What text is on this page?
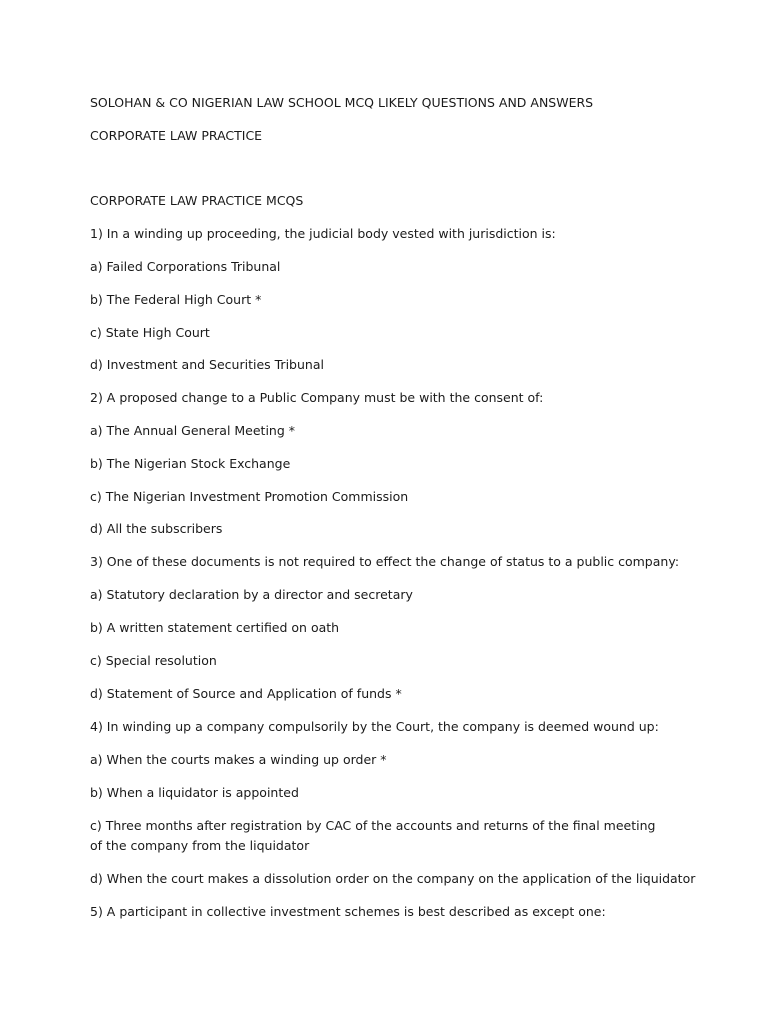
SOLOHAN & CO NIGERIAN LAW SCHOOL MCQ LIKELY QUESTIONS AND ANSWERS
CORPORATE LAW PRACTICE
CORPORATE LAW PRACTICE MCQS
1) In a winding up proceeding, the judicial body vested with jurisdiction is:
a) Failed Corporations Tribunal
b) The Federal High Court *
c) State High Court
d) Investment and Securities Tribunal
2) A proposed change to a Public Company must be with the consent of:
a) The Annual General Meeting *
b) The Nigerian Stock Exchange
c) The Nigerian Investment Promotion Commission
d) All the subscribers
3) One of these documents is not required to effect the change of status to a public company:
a) Statutory declaration by a director and secretary
b) A written statement certified on oath
c) Special resolution
d) Statement of Source and Application of funds *
4) In winding up a company compulsorily by the Court, the company is deemed wound up:
a) When the courts makes a winding up order *
b) When a liquidator is appointed
c) Three months after registration by CAC of the accounts and returns of the final meeting of the company from the liquidator
d) When the court makes a dissolution order on the company on the application of the liquidator
5) A participant in collective investment schemes is best described as except one:
